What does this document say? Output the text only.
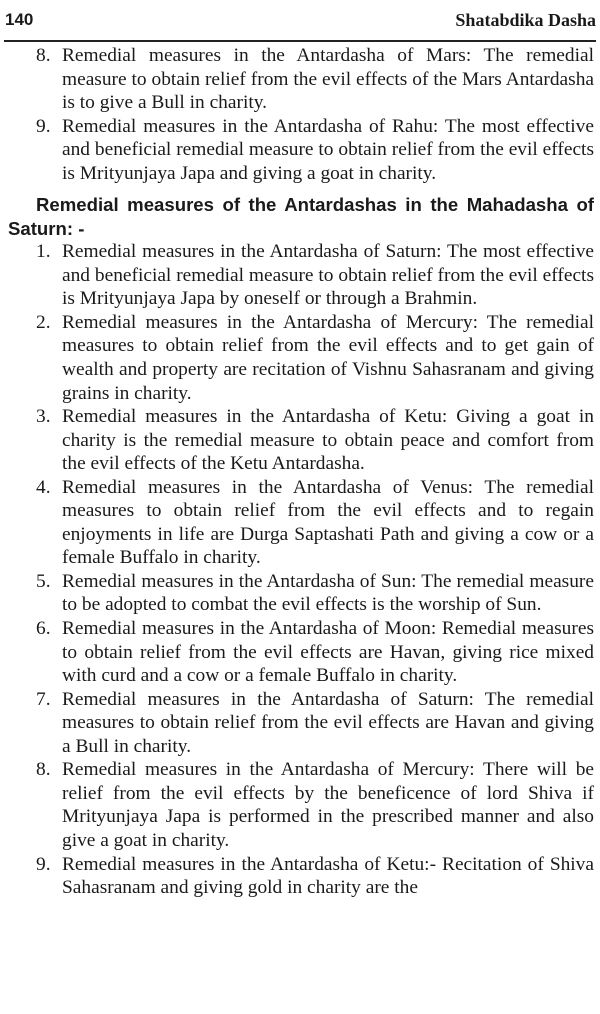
140	Shatabdika Dasha
8. Remedial measures in the Antardasha of Mars: The remedial measure to obtain relief from the evil effects of the Mars Antardasha is to give a Bull in charity.
9. Remedial measures in the Antardasha of Rahu: The most effective and beneficial remedial measure to obtain relief from the evil effects is Mrityunjaya Japa and giving a goat in charity.
Remedial measures of the Antardashas in the Mahadasha of Saturn: -
1. Remedial measures in the Antardasha of Saturn: The most effective and beneficial remedial measure to obtain relief from the evil effects is Mrityunjaya Japa by oneself or through a Brahmin.
2. Remedial measures in the Antardasha of Mercury: The remedial measures to obtain relief from the evil effects and to get gain of wealth and property are recitation of Vishnu Sahasranam and giving grains in charity.
3. Remedial measures in the Antardasha of Ketu: Giving a goat in charity is the remedial measure to obtain peace and comfort from the evil effects of the Ketu Antardasha.
4. Remedial measures in the Antardasha of Venus: The remedial measures to obtain relief from the evil effects and to regain enjoyments in life are Durga Saptashati Path and giving a cow or a female Buffalo in charity.
5. Remedial measures in the Antardasha of Sun: The remedial measure to be adopted to combat the evil effects is the worship of Sun.
6. Remedial measures in the Antardasha of Moon: Remedial measures to obtain relief from the evil effects are Havan, giving rice mixed with curd and a cow or a female Buffalo in charity.
7. Remedial measures in the Antardasha of Saturn: The remedial measures to obtain relief from the evil effects are Havan and giving a Bull in charity.
8. Remedial measures in the Antardasha of Mercury: There will be relief from the evil effects by the beneficence of lord Shiva if Mrityunjaya Japa is performed in the prescribed manner and also give a goat in charity.
9. Remedial measures in the Antardasha of Ketu:- Recitation of Shiva Sahasranam and giving gold in charity are the
